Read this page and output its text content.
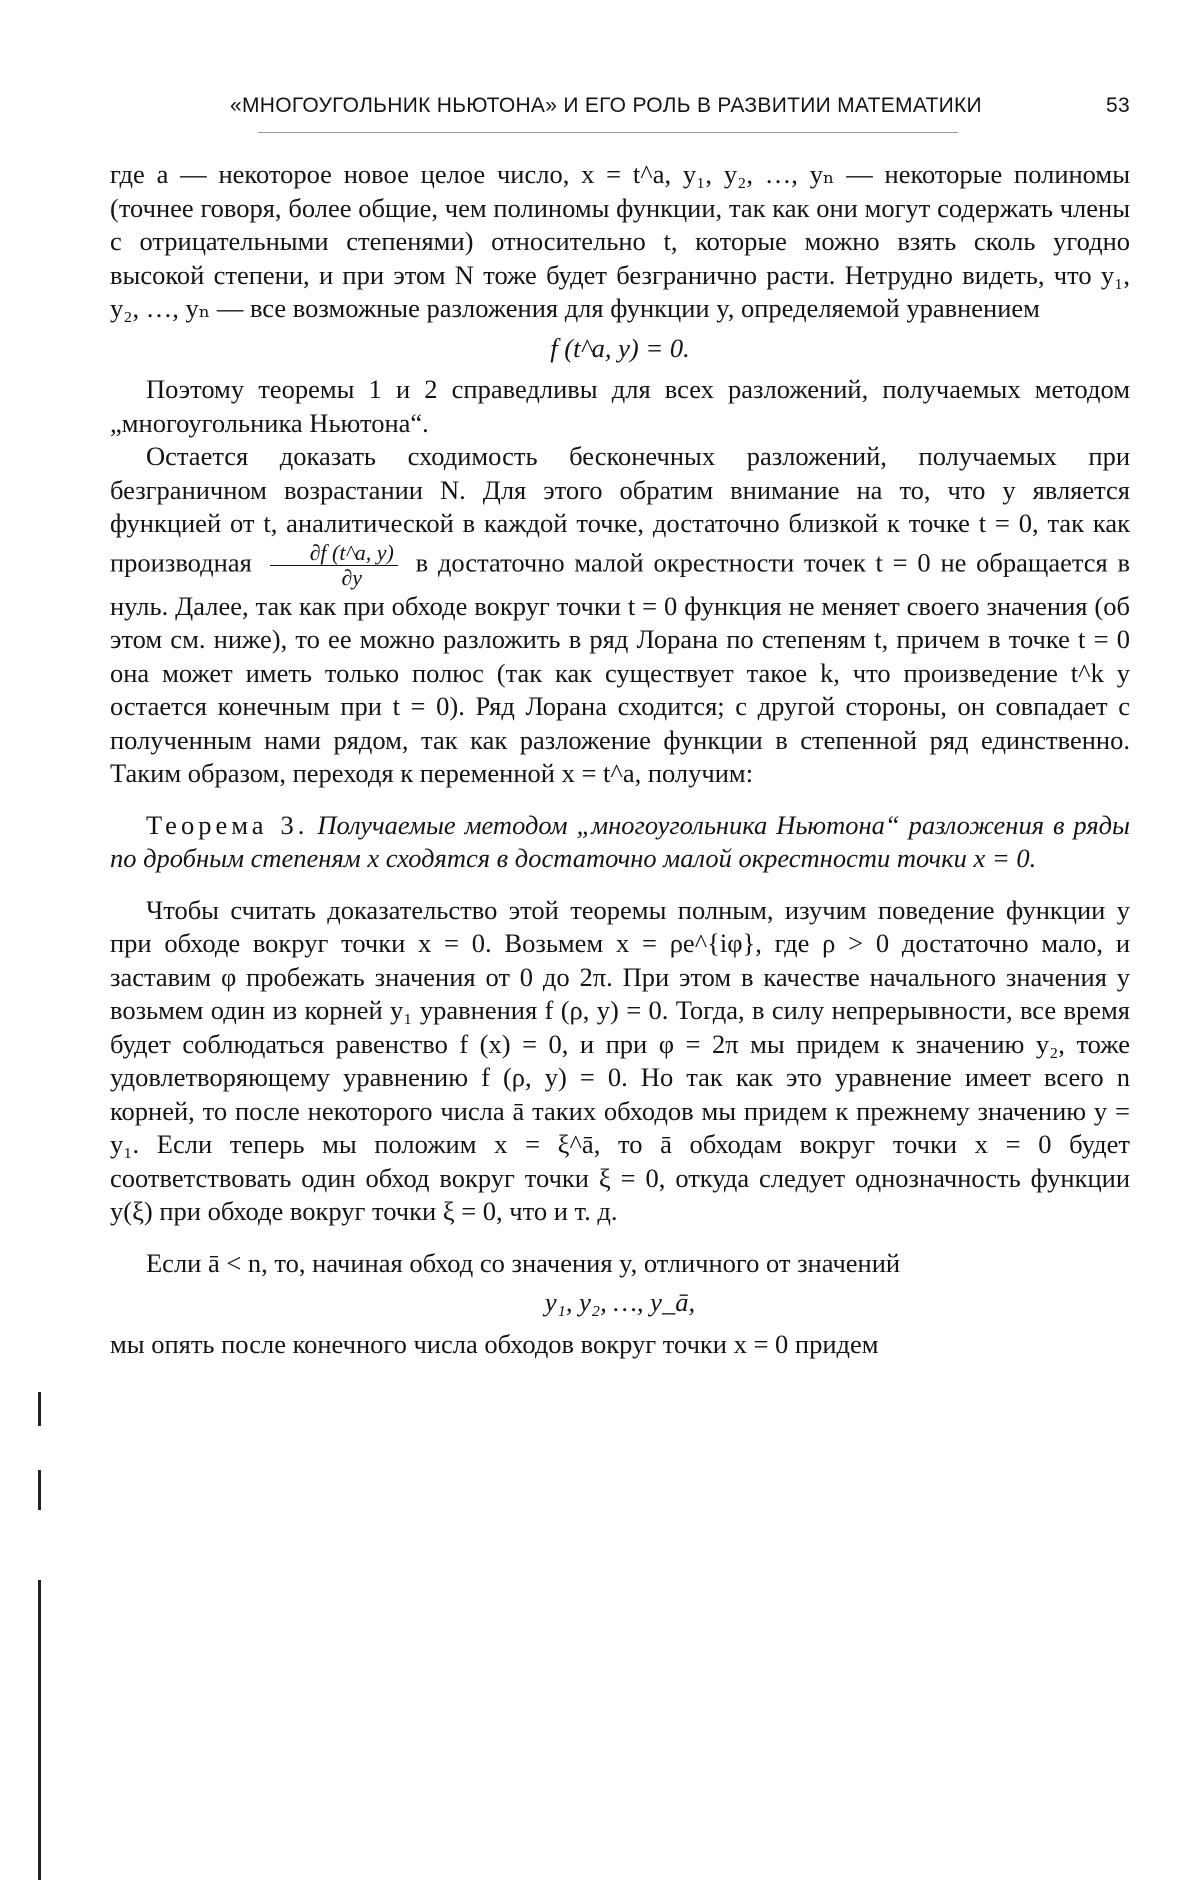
«МНОГОУГОЛЬНИК НЬЮТОНА» И ЕГО РОЛЬ В РАЗВИТИИ МАТЕМАТИКИ	53

где a — некоторое новое целое число, x = t^a, y₁, y₂, …, yₙ — некоторые полиномы (точнее говоря, более общие, чем полиномы функции, так как они могут содержать члены с отрицательными степенями) относительно t, которые можно взять сколь угодно высокой степени, и при этом N тоже будет безгранично расти. Нетрудно видеть, что y₁, y₂, …, yₙ — все возможные разложения для функции y, определяемой уравнением

f (t^a, y) = 0.

Поэтому теоремы 1 и 2 справедливы для всех разложений, получаемых методом „многоугольника Ньютона“.

Остается доказать сходимость бесконечных разложений, получаемых при безграничном возрастании N. Для этого обратим внимание на то, что y является функцией от t, аналитической в каждой точке, достаточно близкой к точке t = 0, так как производная $\frac{\partial f (t\^{}a, y)}{\partial y}$ в достаточно малой окрестности точек t = 0 не обращается в нуль. Далее, так как при обходе вокруг точки t = 0 функция не меняет своего значения (об этом см. ниже), то ее можно разложить в ряд Лорана по степеням t, причем в точке t = 0 она может иметь только полюс (так как существует такое k, что произведение t^k y остается конечным при t = 0). Ряд Лорана сходится; с другой стороны, он совпадает с полученным нами рядом, так как разложение функции в степенной ряд единственно. Таким образом, переходя к переменной x = t^a, получим:

Теорема 3. Получаемые методом „многоугольника Ньютона“ разложения в ряды по дробным степеням x сходятся в достаточно малой окрестности точки x = 0.

Чтобы считать доказательство этой теоремы полным, изучим поведение функции y при обходе вокруг точки x = 0. Возьмем x = ρe^{iφ}, где ρ > 0 достаточно мало, и заставим φ пробежать значения от 0 до 2π. При этом в качестве начального значения y возьмем один из корней y₁ уравнения f (ρ, y) = 0. Тогда, в силу непрерывности, все время будет соблюдаться равенство f (x) = 0, и при φ = 2π мы придем к значению y₂, тоже удовлетворяющему уравнению f (ρ, y) = 0. Но так как это уравнение имеет всего n корней, то после некоторого числа ā таких обходов мы придем к прежнему значению y = y₁. Если теперь мы положим x = ξ^ā, то ā обходам вокруг точки x = 0 будет соответствовать один обход вокруг точки ξ = 0, откуда следует однозначность функции y(ξ) при обходе вокруг точки ξ = 0, что и т. д.

Если ā < n, то, начиная обход со значения y, отличного от значений

y₁, y₂, …, y_ā,

мы опять после конечного числа обходов вокруг точки x = 0 придем
